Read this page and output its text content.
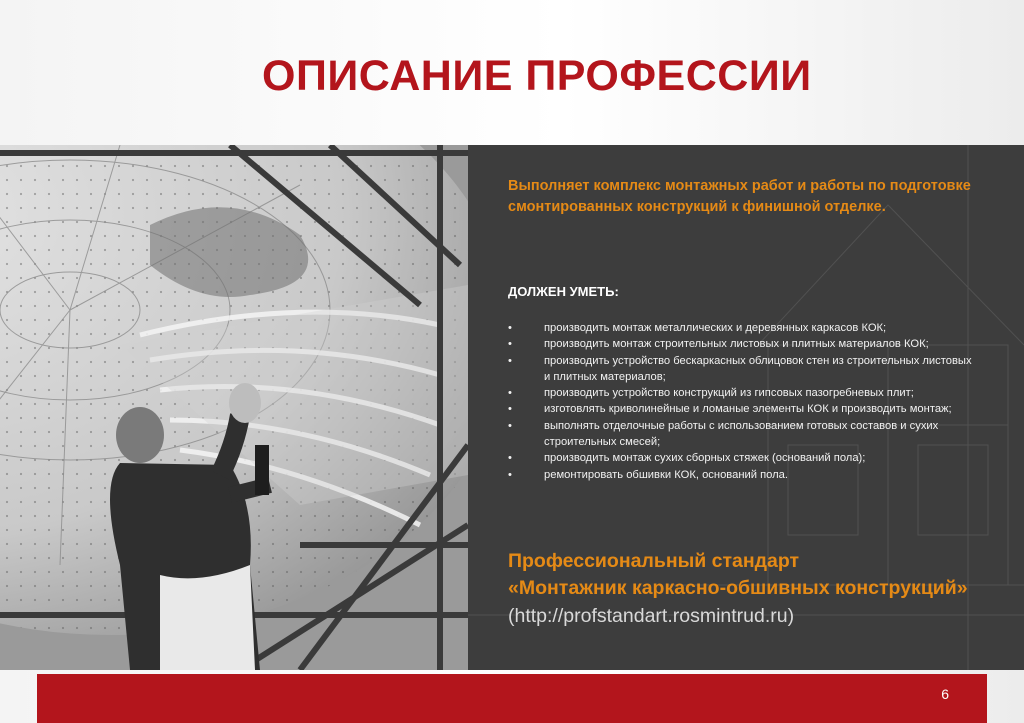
ОПИСАНИЕ ПРОФЕССИИ

Выполняет комплекс монтажных работ и работы по подготовке смонтированных конструкций к финишной отделке.

ДОЛЖЕН УМЕТЬ:

• производить монтаж металлических и деревянных каркасов КОК;
• производить монтаж строительных листовых и плитных материалов КОК;
• производить устройство бескаркасных облицовок стен из строительных листовых и плитных материалов;
• производить устройство конструкций из гипсовых пазогребневых плит;
• изготовлять криволинейные и ломаные элементы КОК и производить монтаж;
• выполнять отделочные работы с использованием готовых составов и сухих строительных смесей;
• производить монтаж сухих сборных стяжек (оснований пола);
• ремонтировать обшивки КОК, оснований пола.
Профессиональный стандарт
«Монтажник каркасно-обшивных конструкций»
(http://profstandart.rosmintrud.ru)
6
